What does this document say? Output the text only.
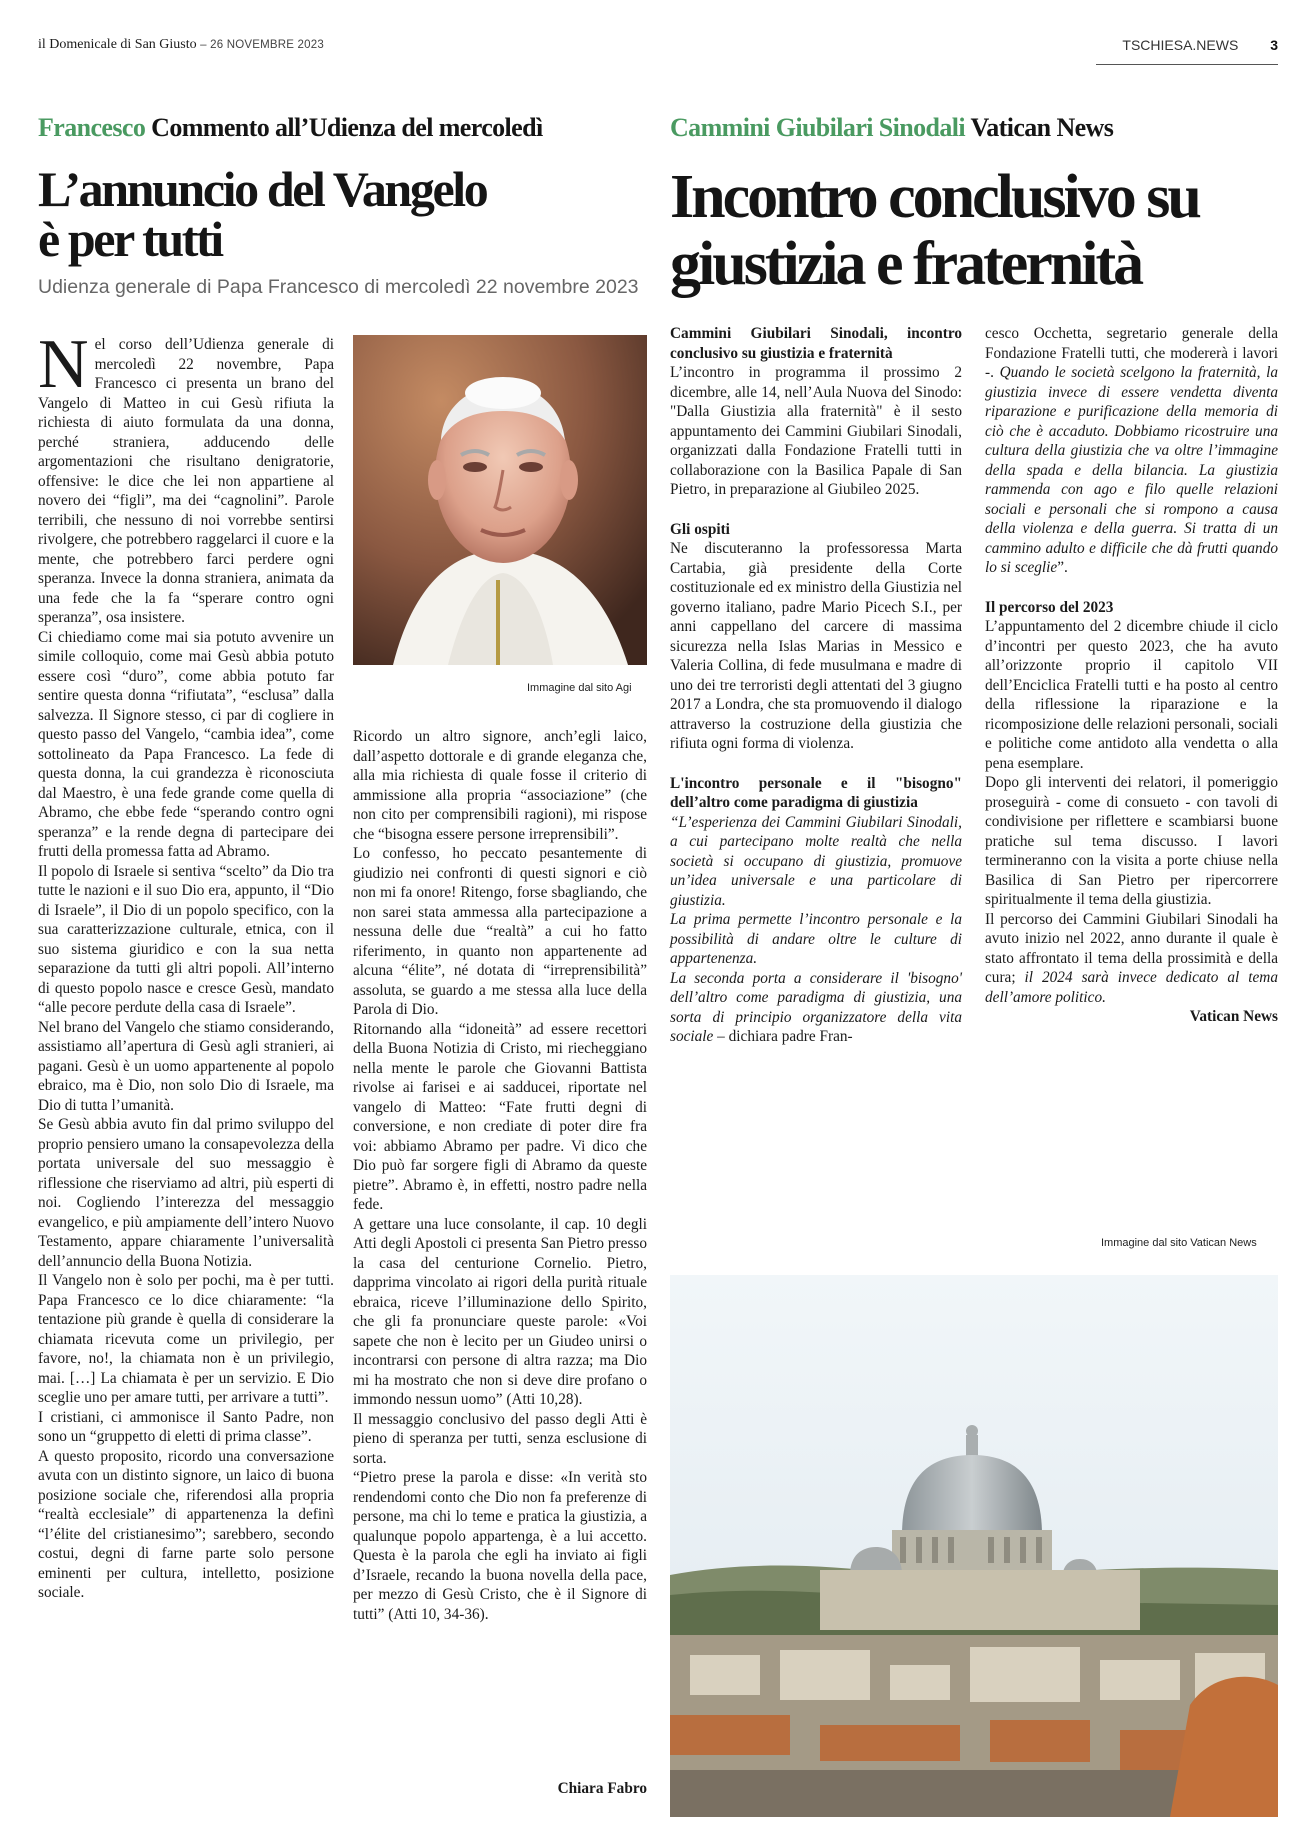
il Domenicale di San Giusto – 26 NOVEMBRE 2023	TSCHIESA.NEWS 3
Francesco Commento all’Udienza del mercoledì
L’annuncio del Vangelo
è per tutti
Udienza generale di Papa Francesco di mercoledì 22 novembre 2023
Cammini Giubilari Sinodali Vatican News
Incontro conclusivo su
giustizia e fraternità

Nel corso dell’Udienza generale di mercoledì 22 novembre, Papa Francesco ci presenta un brano del Vangelo di Matteo in cui Gesù rifiuta la richiesta di aiuto formulata da una donna, perché straniera, adducendo delle argomentazioni che risultano denigratorie, offensive: le dice che lei non appartiene al novero dei “figli”, ma dei “cagnolini”. Parole terribili, che nessuno di noi vorrebbe sentirsi rivolgere, che potrebbero raggelarci il cuore e la mente, che potrebbero farci perdere ogni speranza. Invece la donna straniera, animata da una fede che la fa “sperare contro ogni speranza”, osa insistere.

Ci chiediamo come mai sia potuto avvenire un simile colloquio, come mai Gesù abbia potuto essere così “duro”, come abbia potuto far sentire questa donna “rifiutata”, “esclusa” dalla salvezza. Il Signore stesso, ci par di cogliere in questo passo del Vangelo, “cambia idea”, come sottolineato da Papa Francesco. La fede di questa donna, la cui grandezza è riconosciuta dal Maestro, è una fede grande come quella di Abramo, che ebbe fede “sperando contro ogni speranza” e la rende degna di partecipare dei frutti della promessa fatta ad Abramo.

Il popolo di Israele si sentiva “scelto” da Dio tra tutte le nazioni e il suo Dio era, appunto, il “Dio di Israele”, il Dio di un popolo specifico, con la sua caratterizzazione culturale, etnica, con il suo sistema giuridico e con la sua netta separazione da tutti gli altri popoli. All’interno di questo popolo nasce e cresce Gesù, mandato “alle pecore perdute della casa di Israele”.

Nel brano del Vangelo che stiamo considerando, assistiamo all’apertura di Gesù agli stranieri, ai pagani. Gesù è un uomo appartenente al popolo ebraico, ma è Dio, non solo Dio di Israele, ma Dio di tutta l’umanità.

Se Gesù abbia avuto fin dal primo sviluppo del proprio pensiero umano la consapevolezza della portata universale del suo messaggio è riflessione che riserviamo ad altri, più esperti di noi. Cogliendo l’interezza del messaggio evangelico, e più ampiamente dell’intero Nuovo Testamento, appare chiaramente l’universalità dell’annuncio della Buona Notizia.

Il Vangelo non è solo per pochi, ma è per tutti. Papa Francesco ce lo dice chiaramente: “la tentazione più grande è quella di considerare la chiamata ricevuta come un privilegio, per favore, no!, la chiamata non è un privilegio, mai. […] La chiamata è per un servizio. E Dio sceglie uno per amare tutti, per arrivare a tutti”.

I cristiani, ci ammonisce il Santo Padre, non sono un “gruppetto di eletti di prima classe”.

A questo proposito, ricordo una conversazione avuta con un distinto signore, un laico di buona posizione sociale che, riferendosi alla propria “realtà ecclesiale” di appartenenza la definì “l’élite del cristianesimo”; sarebbero, secondo costui, degni di farne parte solo persone eminenti per cultura, intelletto, posizione sociale.

Immagine dal sito Agi

Ricordo un altro signore, anch’egli laico, dall’aspetto dottorale e di grande eleganza che, alla mia richiesta di quale fosse il criterio di ammissione alla propria “associazione” (che non cito per comprensibili ragioni), mi rispose che “bisogna essere persone irreprensibili”.

Lo confesso, ho peccato pesantemente di giudizio nei confronti di questi signori e ciò non mi fa onore! Ritengo, forse sbagliando, che non sarei stata ammessa alla partecipazione a nessuna delle due “realtà” a cui ho fatto riferimento, in quanto non appartenente ad alcuna “élite”, né dotata di “irreprensibilità” assoluta, se guardo a me stessa alla luce della Parola di Dio.

Ritornando alla “idoneità” ad essere recettori della Buona Notizia di Cristo, mi riecheggiano nella mente le parole che Giovanni Battista rivolse ai farisei e ai sadducei, riportate nel vangelo di Matteo: “Fate frutti degni di conversione, e non crediate di poter dire fra voi: abbiamo Abramo per padre. Vi dico che Dio può far sorgere figli di Abramo da queste pietre”. Abramo è, in effetti, nostro padre nella fede.

A gettare una luce consolante, il cap. 10 degli Atti degli Apostoli ci presenta San Pietro presso la casa del centurione Cornelio. Pietro, dapprima vincolato ai rigori della purità rituale ebraica, riceve l’illuminazione dello Spirito, che gli fa pronunciare queste parole: «Voi sapete che non è lecito per un Giudeo unirsi o incontrarsi con persone di altra razza; ma Dio mi ha mostrato che non si deve dire profano o immondo nessun uomo” (Atti 10,28).

Il messaggio conclusivo del passo degli Atti è pieno di speranza per tutti, senza esclusione di sorta.

“Pietro prese la parola e disse: «In verità sto rendendomi conto che Dio non fa preferenze di persone, ma chi lo teme e pratica la giustizia, a qualunque popolo appartenga, è a lui accetto. Questa è la parola che egli ha inviato ai figli d’Israele, recando la buona novella della pace, per mezzo di Gesù Cristo, che è il Signore di tutti” (Atti 10, 34-36).

Chiara Fabro

Cammini Giubilari Sinodali, incontro conclusivo su giustizia e fraternità

L’incontro in programma il prossimo 2 dicembre, alle 14, nell’Aula Nuova del Sinodo: "Dalla Giustizia alla fraternità" è il sesto appuntamento dei Cammini Giubilari Sinodali, organizzati dalla Fondazione Fratelli tutti in collaborazione con la Basilica Papale di San Pietro, in preparazione al Giubileo 2025.

Gli ospiti

Ne discuteranno la professoressa Marta Cartabia, già presidente della Corte costituzionale ed ex ministro della Giustizia nel governo italiano, padre Mario Picech S.I., per anni cappellano del carcere di massima sicurezza nella Islas Marias in Messico e Valeria Collina, di fede musulmana e madre di uno dei tre terroristi degli attentati del 3 giugno 2017 a Londra, che sta promuovendo il dialogo attraverso la costruzione della giustizia che rifiuta ogni forma di violenza.

L'incontro personale e il "bisogno" dell’altro come paradigma di giustizia

“L’esperienza dei Cammini Giubilari Sinodali, a cui partecipano molte realtà che nella società si occupano di giustizia, promuove un’idea universale e una particolare di giustizia.

La prima permette l’incontro personale e la possibilità di andare oltre le culture di appartenenza.

La seconda porta a considerare il 'bisogno' dell’altro come paradigma di giustizia, una sorta di principio organizzatore della vita sociale – dichiara padre Fran-

cesco Occhetta, segretario generale della Fondazione Fratelli tutti, che modererà i lavori -. Quando le società scelgono la fraternità, la giustizia invece di essere vendetta diventa riparazione e purificazione della memoria di ciò che è accaduto. Dobbiamo ricostruire una cultura della giustizia che va oltre l’immagine della spada e della bilancia. La giustizia rammenda con ago e filo quelle relazioni sociali e personali che si rompono a causa della violenza e della guerra. Si tratta di un cammino adulto e difficile che dà frutti quando lo si sceglie”.

Il percorso del 2023

L’appuntamento del 2 dicembre chiude il ciclo d’incontri per questo 2023, che ha avuto all’orizzonte proprio il capitolo VII dell’Enciclica Fratelli tutti e ha posto al centro della riflessione la riparazione e la ricomposizione delle relazioni personali, sociali e politiche come antidoto alla vendetta o alla pena esemplare.

Dopo gli interventi dei relatori, il pomeriggio proseguirà - come di consueto - con tavoli di condivisione per riflettere e scambiarsi buone pratiche sul tema discusso. I lavori termineranno con la visita a porte chiuse nella Basilica di San Pietro per ripercorrere spiritualmente il tema della giustizia.

Il percorso dei Cammini Giubilari Sinodali ha avuto inizio nel 2022, anno durante il quale è stato affrontato il tema della prossimità e della cura; il 2024 sarà invece dedicato al tema dell’amore politico.

Vatican News

Immagine dal sito Vatican News
